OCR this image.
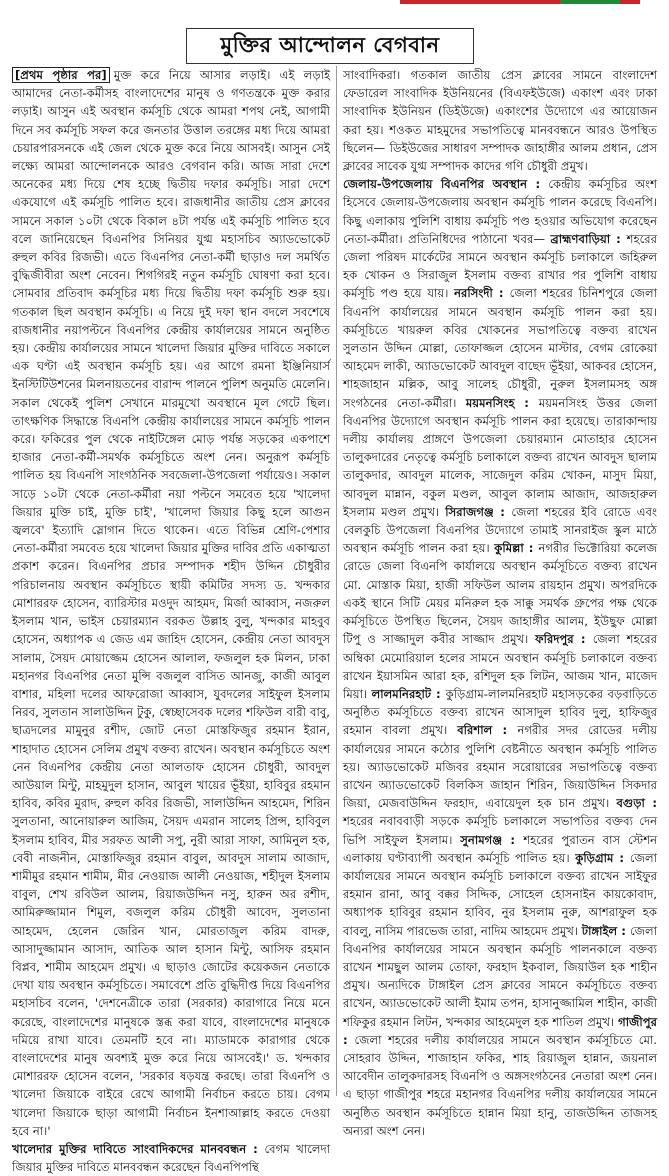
মুক্তির আন্দোলন বেগবান

[প্রথম পৃষ্ঠার পর] মুক্ত করে নিয়ে আসার লড়াই। এই লড়াই আমাদের নেতা-কর্মীসহ বাংলাদেশের মানুষ ও গণতন্ত্রকে মুক্ত করার লড়াই। আসুন এই অবস্থান কর্মসূচি থেকে আমরা শপথ নেই, আগামী দিনে সব কর্মসূচি সফল করে জনতার উত্তাল তরঙ্গের মধ্য দিয়ে আমরা চেয়ারপারসনকে এই জেল থেকে মুক্ত করে নিয়ে আসবই। আসুন সেই লক্ষ্যে আমরা আন্দোলনকে আরও বেগবান করি। আজ সারা দেশে অনেকের মধ্য দিয়ে শেষ হচ্ছে দ্বিতীয় দফার কর্মসূচি। সারা দেশে একযোগে এই কর্মসূচি পালিত হবে। রাজধানীর জাতীয় প্রেস ক্লাবের সামনে সকাল ১০টা থেকে বিকাল ৪টা পর্যন্ত এই কর্মসূচি পালিত হবে বলে জানিয়েছেন বিএনপির সিনিয়র যুগ্ম মহাসচিব অ্যাডভোকেট রুহুল কবির রিজভী। এতে বিএনপির নেতা-কর্মী ছাড়াও দল সমর্থিত বুদ্ধিজীবীরা অংশ নেবেন। শিগগিরই নতুন কর্মসূচি ঘোষণা করা হবে। সোমবার প্রতিবাদ কর্মসূচির মধ্য দিয়ে দ্বিতীয় দফা কর্মসূচি শুরু হয়। গতকাল ছিল অবস্থান কর্মসূচি। এ নিয়ে দুই দফা স্থান বদলে সবশেষে রাজধানীর নয়াপল্টনে বিএনপির কেন্দ্রীয় কার্যালয়ের সামনে অনুষ্ঠিত হয়। কেন্দ্রীয় কার্যালয়ের সামনে খালেদা জিয়ার মুক্তির দাবিতে সকালে এক ঘণ্টা এই অবস্থান কর্মসূচি হয়। এর আগে রমনা ইঞ্জিনিয়ার্স ইনস্টিটিউশনের মিলনায়তনের বারান্দ পালনে পুলিশ অনুমতি মেলেনি। সকাল থেকেই পুলিশ সেখানে মারমুখো অবস্থানে মূল গেটে ছিল। তাৎক্ষণিক সিদ্ধান্তে বিএনপি কেন্দ্রীয় কার্যালয়ের সামনে কর্মসূচি পালন করে। ফকিরের পুল থেকে নাইটিঙ্গেল মোড় পর্যন্ত সড়কের একপাশে হাজার নেতা-কর্মী-সমর্থক কর্মসূচিতে অংশ নেন। অনুরূপ কর্মসূচি পালিত হয় বিএনপি সাংগঠনিক সবজেলা-উপজেলা পর্যায়েও। সকাল সাড়ে ১০টা থেকে নেতা-কর্মীরা নয়া পল্টনে সমবেত হয়ে 'খালেদা জিয়ার মুক্তি চাই, মুক্তি চাই', 'খালেদা জিয়ার কিছু হলে আগুন জ্বলবে' ইত্যাদি স্লোগান দিতে থাকেন। এতে বিভিন্ন শ্রেণি-পেশার নেতা-কর্মীরা সমবেত হয়ে খালেদা জিয়ার মুক্তির দাবির প্রতি একাত্মতা প্রকাশ করেন। বিএনপির প্রচার সম্পাদক শহীদ উদ্দিন চৌধুরীর পরিচালনায় অবস্থান কর্মসূচিতে স্থায়ী কমিটির সদস্য ড. খন্দকার মোশাররফ হোসেন, ব্যারিস্টার মওদুদ আহমদ, মির্জা আব্বাস, নজরুল ইসলাম খান, ভাইস চেয়ারম্যান বরকত উল্লাহ বুলু, খন্দকার মাহবুব হোসেন, অধ্যাপক এ জেড এম জাহিদ হোসেন, কেন্দ্রীয় নেতা আবদুস সালাম, সৈয়দ মোয়াজ্জেম হোসেন আলাল, ফজলুল হক মিলন, ঢাকা মহানগর বিএনপির নেতা মুন্সি বজলুল বাসিত আনজু, কাজী আবুল বাশার, মহিলা দলের আফরোজা আব্বাস, যুবদলের সাইফুল ইসলাম নিরব, সুলতান সালাউদ্দিন টুকু, স্বেচ্ছাসেবক দলের শফিউল বারী বাবু, ছাত্রদলের মামুনুর রশীদ, জোট নেতা মোস্তফিজুর রহমান ইরান, শাহাদাত হোসেন সেলিম প্রমুখ বক্তব্য রাখেন। অবস্থান কর্মসূচিতে অংশ নেন বিএনপির কেন্দ্রীয় নেতা আলতাফ হোসেন চৌধুরী, আবদুল আউয়াল মিন্টু, মাহমুদুল হাসান, আবুল খায়ের ভূঁইয়া, হাবিবুর রহমান হাবিব, কবির মুরাদ, রুহুল কবির রিজভী, সালাউদ্দিন আহমেদ, শিরিন সুলতানা, আনোয়ারুল আজিম, সৈয়দ এমরান সালেহ প্রিন্স, হাবিবুল ইসলাম হাবিব, মীর সরফত আলী সপু, নুরী আরা সাফা, আমিনুল হক, বেবী নাজনীন, মোস্তাফিজুর রহমান বাবুল, আবদুস সালাম আজাদ, শামীমুর রহমান শামীম, মীর নেওয়াজ আলী নেওয়াজ, শহীদুল ইসলাম বাবুল, শেখ রবিউল আলম, রিয়াজউদ্দিন নসু, হারুন অর রশীদ, আমিরুজ্জামান শিমুল, বজলুল করিম চৌধুরী আবেদ, সুলতানা আহমেদ, হেলেন জেরিন খান, মোরতাজুল করিম বাদরু, আসাদুজ্জামান আসাদ, আতিক আল হাসান মিন্টু, আসিফ রহমান বিপ্লব, শামীম আহমেদ প্রমুখ। এ ছাড়াও জোটের কয়েকজন নেতাকে দেখা যায় অবস্থান কর্মসূচিতে। সমাবেশে প্রতি বুদ্ধিদীপ্ত দিয়ে বিএনপির মহাসচিব বলেন, 'দেশনেত্রীকে তারা (সরকার) কারাগারে নিয়ে মনে করেছে, বাংলাদেশের মানুষকে স্তব্ধ করা যাবে, বাংলাদেশের মানুষকে দমিয়ে রাখা যাবে। তেমনটি হবে না। ম্যাডামকে কারাগার থেকে বাংলাদেশের মানুষ অবশ্যই মুক্ত করে নিয়ে আসবেই।' ড. খন্দকার মোশাররফ হোসেন বলেন, 'সরকার ষড়যন্ত্র করছে। তারা বিএনপি ও খালেদা জিয়াকে বাইরে রেখে আগামী নির্বাচন করতে চায়। বেগম খালেদা জিয়াকে ছাড়া আগামী নির্বাচন ইনশাআল্লাহ করতে দেওয়া হবে না।'

খালেদার মুক্তির দাবিতে সাংবাদিকদের মানববন্ধন : বেগম খালেদা জিয়ার মুক্তির দাবিতে মানববন্ধন করেছেন বিএনপিপন্থি

সাংবাদিকরা। গতকাল জাতীয় প্রেস ক্লাবের সামনে বাংলাদেশ ফেডারেল সাংবাদিক ইউনিয়নের (বিএফইউজে) একাংশ এবং ঢাকা সাংবাদিক ইউনিয়ন (ডিইউজে) একাংশের উদ্যোগে এর আয়োজন করা হয়। শওকত মাহমুদের সভাপতিত্বে মানববন্ধনে আরও উপস্থিত ছিলেন— ডিইউজের সাধারণ সম্পাদক জাহাঙ্গীর আলম প্রধান, প্রেস ক্লাবের সাবেক যুগ্ম সম্পাদক কাদের গণি চৌধুরী প্রমুখ।

জেলায়-উপজেলায় বিএনপির অবস্থান : কেন্দ্রীয় কর্মসূচির অংশ হিসেবে জেলায়-উপজেলায় অবস্থান কর্মসূচি পালন করেছে বিএনপি। কিছু এলাকায় পুলিশি বাধায় কর্মসূচি পণ্ড হওয়ার অভিযোগ করেছেন নেতা-কর্মীরা। প্রতিনিধিদের পাঠানো খবর— ব্রাহ্মণবাড়িয়া : শহরের জেলা পরিষদ মার্কেটের সামনে অবস্থান কর্মসূচি চলাকালে জহিরুল হক খোকন ও সিরাজুল ইসলাম বক্তব্য রাখার পর পুলিশি বাধায় কর্মসূচি পণ্ড হয়ে যায়। নরসিংদী : জেলা শহরের চিনিশপুরে জেলা বিএনপি কার্যালয়ের সামনে অবস্থান কর্মসূচি পালন করা হয়। কর্মসূচিতে খায়রুল কবির খোকনের সভাপতিত্বে বক্তব্য রাখেন সুলতান উদ্দিন মোল্লা, তোফাজ্জল হোসেন মাস্টার, বেগম রোকেয়া আহমেদ লাকী, অ্যাডভোকেট আবদুল বাছেদ ভূঁইয়া, আকবর হোসেন, শাহজাহান মল্লিক, আবু সালেহ চৌধুরী, নুরুল ইসলামসহ অঙ্গ সংগঠনের নেতা-কর্মীরা। ময়মনসিংহ : ময়মনসিংহ উত্তর জেলা বিএনপির উদ্যোগে অবস্থান কর্মসূচি পালন করা হয়েছে। তারাকান্দায় দলীয় কার্যালয় প্রাঙ্গণে উপজেলা চেয়ারম্যান মোতাহার হোসেন তালুকদারের নেতৃত্বে কর্মসূচি চলাকালে বক্তব্য রাখেন আবদুস ছালাম তালুকদার, আবদুল মালেক, সাজেদুল করিম খোকন, মাসুদ মিয়া, আবদুল মান্নান, বকুল মণ্ডল, আবুল কালাম আজাদ, আজহারুল ইসলাম মণ্ডল প্রমুখ। সিরাজগঞ্জ : জেলা শহরের ইবি রোডে এবং বেলকুচি উপজেলা বিএনপির উদ্যোগে তামাই সানরাইজ স্কুল মাঠে অবস্থান কর্মসূচি পালন করা হয়। কুমিল্লা : নগরীর ভিক্টোরিয়া কলেজ রোডে জেলা বিএনপি কার্যালয়ে অবস্থান কর্মসূচিতে বক্তব্য রাখেন মো. মোস্তাক মিয়া, হাজী সফিউল আলম রায়হান প্রমুখ। অপরদিকে একই স্থানে সিটি মেয়র মনিরুল হক সাক্কু সমর্থক গ্রুপের পক্ষ থেকে কর্মসূচিতে উপস্থিত ছিলেন, সৈয়দ জাহাঙ্গীর আলম, ইউছুফ মোল্লা টিপু ও সাজ্জাদুল কবীর সাজ্জাদ প্রমুখ। ফরিদপুর : জেলা শহরের অম্বিকা মেমোরিয়াল হলের সামনে অবস্থান কর্মসূচি চলাকালে বক্তব্য রাখেন ইয়াসমিন আরা হক, রশিদুল হক লিটন, আজম খান, মাজেদ মিয়া। লালমনিরহাট : কুড়িগ্রাম-লালমনিরহাট মহাসড়কের বড়বাড়িতে অনুষ্ঠিত কর্মসূচিতে বক্তব্য রাখেন আসাদুল হাবিব দুলু, হাফিজুর রহমান বাবলা প্রমুখ। বরিশাল : নগরীর সদর রোডের দলীয় কার্যালয়ের সামনে কঠোর পুলিশি বেষ্টনীতে অবস্থান কর্মসূচি পালিত হয়। অ্যাডভোকেট মজিবর রহমান সরোয়ারের সভাপতিত্বে বক্তব্য রাখেন অ্যাডভোকেট বিলকিস জাহান শিরিন, জিয়াউদ্দিন সিকদার জিয়া, মেজবাউদ্দিন ফরহাদ, এবায়েদুল হক চান প্রমুখ। বগুড়া : শহরের নবাববাড়ী সড়কে কর্মসূচি চলাকালে সভাপতির বক্তব্য দেন ভিপি সাইফুল ইসলাম। সুনামগঞ্জ : শহরের পুরাতন বাস স্টেশন এলাকায় ঘণ্টাব্যাপী অবস্থান কর্মসূচি পালিত হয়। কুড়িগ্রাম : জেলা কার্যালয়ের সামনে অবস্থান কর্মসূচি চলাকালে বক্তব্য রাখেন সাইফুর রহমান রানা, আবু বক্কর সিদ্দিক, সোহেল হোসনাইন কায়কোবাদ, অধ্যাপক হাবিবুর রহমান হাবিব, নুর ইসলাম নুরু, আশরাফুল হক বাবলু, নাসিম পারভেজ তারা, নাদিম আহমেদ প্রমুখ। টাঙ্গাইল : জেলা বিএনপির কার্যালয়ের সামনে অবস্থান কর্মসূচি পালনকালে বক্তব্য রাখেন শামছুল আলম তোফা, ফরহাদ ইকবাল, জিয়াউল হক শাহীন প্রমুখ। অন্যদিকে টাঙ্গাইল প্রেস ক্লাবের সামনে কর্মসূচিতে বক্তব্য রাখেন, অ্যাডভোকেট আলী ইমাম তপন, হাসানুজ্জামিল শাহীন, কাজী শফিকুর রহমান লিটন, খন্দকার আহমেদুল হক শাতিল প্রমুখ। গাজীপুর : জেলা শহরের দলীয় কার্যালয়ের সামনে অবস্থান কর্মসূচিতে মো. সোহরাব উদ্দিন, শাজাহান ফকির, শাহ রিয়াজুল হান্নান, জয়নাল আবেদীন তালুকদারসহ বিএনপি ও অঙ্গসংগঠনের নেতারা অংশ নেন। এ ছাড়া গাজীপুর শহরে মহানগর বিএনপির দলীয় কার্যালয়ের সামনে অনুষ্ঠিত অবস্থান কর্মসূচিতে হান্নান মিয়া হানু, তাজউদ্দিন তাজসহ অন্যরা অংশ নেন।
